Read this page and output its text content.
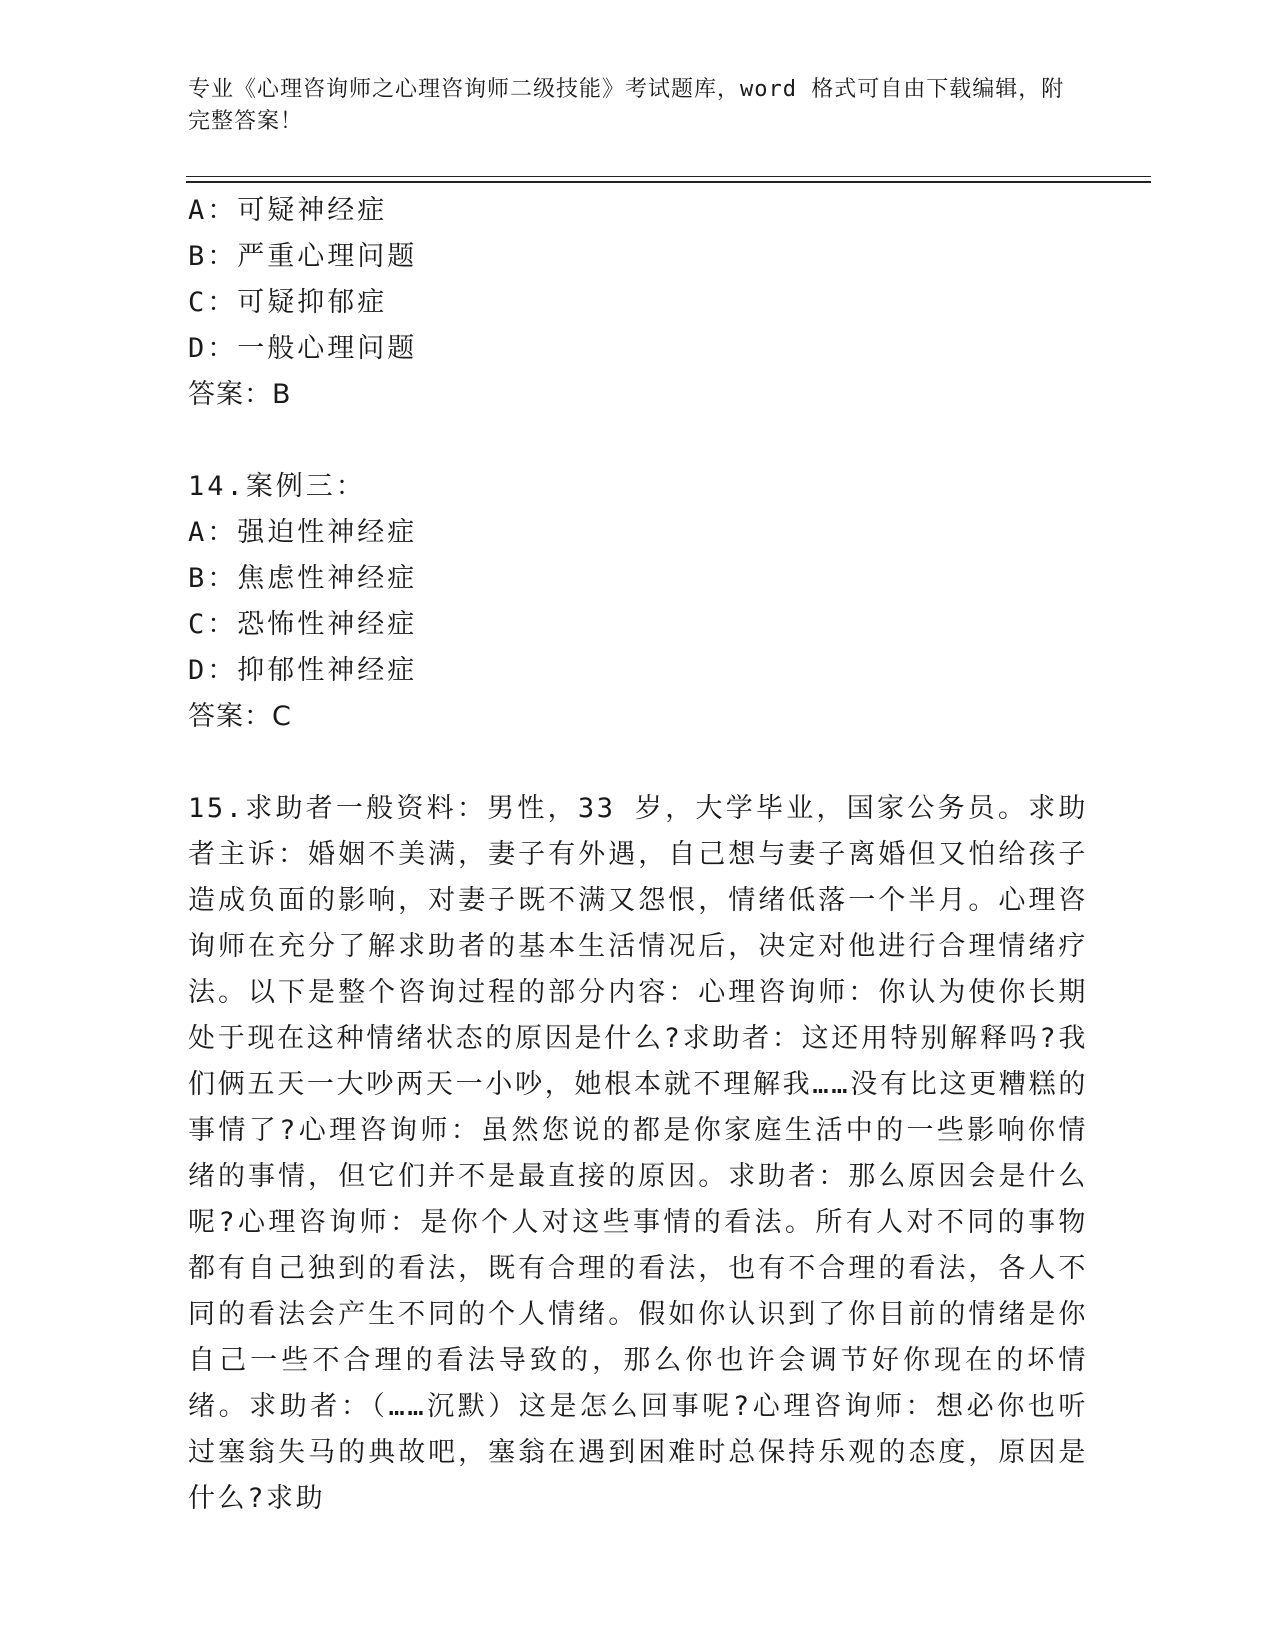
专业《心理咨询师之心理咨询师二级技能》考试题库，word 格式可自由下载编辑，附完整答案！
A：可疑神经症
B：严重心理问题
C：可疑抑郁症
D：一般心理问题
答案：B
14.案例三：
A：强迫性神经症
B：焦虑性神经症
C：恐怖性神经症
D：抑郁性神经症
答案：C

15.求助者一般资料：男性，33 岁，大学毕业，国家公务员。求助者主诉：婚姻不美满，妻子有外遇，自己想与妻子离婚但又怕给孩子造成负面的影响，对妻子既不满又怨恨，情绪低落一个半月。心理咨询师在充分了解求助者的基本生活情况后，决定对他进行合理情绪疗法。以下是整个咨询过程的部分内容：心理咨询师：你认为使你长期处于现在这种情绪状态的原因是什么?求助者：这还用特别解释吗?我们俩五天一大吵两天一小吵，她根本就不理解我……没有比这更糟糕的事情了?心理咨询师：虽然您说的都是你家庭生活中的一些影响你情绪的事情，但它们并不是最直接的原因。求助者：那么原因会是什么呢?心理咨询师：是你个人对这些事情的看法。所有人对不同的事物都有自己独到的看法，既有合理的看法，也有不合理的看法，各人不同的看法会产生不同的个人情绪。假如你认识到了你目前的情绪是你自己一些不合理的看法导致的，那么你也许会调节好你现在的坏情绪。求助者：（……沉默）这是怎么回事呢?心理咨询师：想必你也听过塞翁失马的典故吧，塞翁在遇到困难时总保持乐观的态度，原因是什么?求助
